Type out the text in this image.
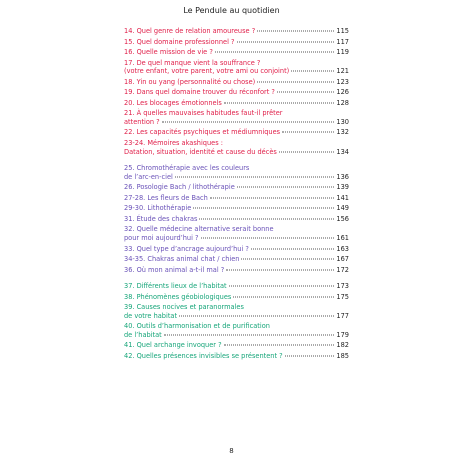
Le Pendule au quotidien
14. Quel genre de relation amoureuse ?	115
15. Quel domaine professionnel ?	117
16. Quelle mission de vie ?	119
17. De quel manque vient la souffrance ?
(votre enfant, votre parent, votre ami ou conjoint)	121
18. Yin ou yang (personnalité ou chose)	123
19. Dans quel domaine trouver du réconfort ?	126
20. Les blocages émotionnels	128
21. À quelles mauvaises habitudes faut-il prêter
attention ?	130
22. Les capacités psychiques et médiumniques	132
23-24. Mémoires akashiques :
Datation, situation, identité et cause du décès	134
25. Chromothérapie avec les couleurs
de l’arc-en-ciel	136
26. Posologie Bach / lithothérapie	139
27-28. Les fleurs de Bach	141
29-30. Lithothérapie	149
31. Étude des chakras	156
32. Quelle médecine alternative serait bonne
pour moi aujourd’hui ?	161
33. Quel type d’ancrage aujourd’hui ?	163
34-35. Chakras animal chat / chien	167
36. Où mon animal a-t-il mal ?	172
37. Différents lieux de l’habitat	173
38. Phénomènes géobiologiques	175
39. Causes nocives et paranormales
de votre habitat	177
40. Outils d’harmonisation et de purification
de l’habitat	179
41. Quel archange invoquer ?	182
42. Quelles présences invisibles se présentent ?	185
8
